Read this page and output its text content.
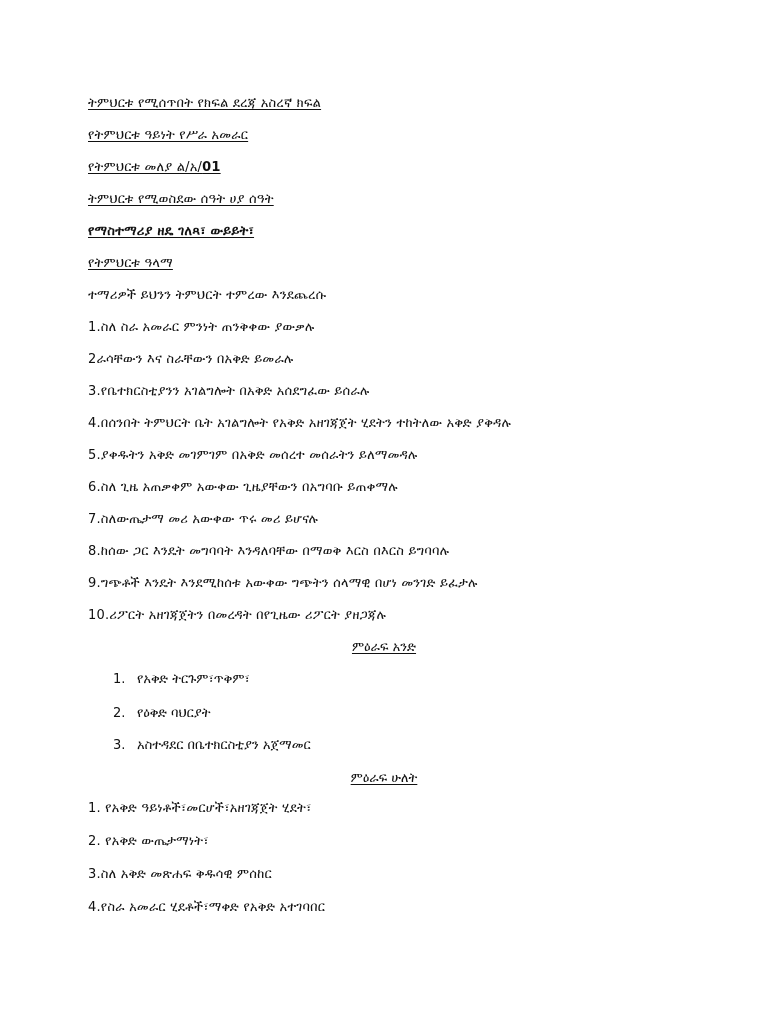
ትምህርቱ የሚሰጥበት የክፍል ደረጃ አስረኛ ክፍል
የትምህርቱ ዓይነት የሥራ አመራር
የትምህርቱ መለያ ል/አ/01
ትምህርቱ የሚወስደው ሰዓት ሀያ ሰዓት
የማስተማሪያ ዘዴ ገለጻ፣ ውይይት፣
የትምህርቱ ዓላማ
ተማሪዎች ይህንን ትምህርት ተምረው እንደጨረሱ
1.ስለ ስራ አመራር ምንነት ጠንቅቀው ያውቃሉ
2ራሳቸውን እና ስራቸውን በአቅድ ይመራሉ
3.የቤተክርስቲያንን አገልግሎት በአቅድ አሰደግፈው ይሰራሉ
4.በሰንበት ትምህርት ቤት አገልግሎት የአቅድ አዘገጃጀት ሂደትን ተከትለው አቅድ ያቅዳሉ
5.ያቀዱትን አቅድ መገምገም በአቅድ መሰረተ መሰራትን ይለማመዳሉ
6.ስለ ጊዜ አጠቃቀም አውቀው ጊዜያቸውን በአግባቡ ይጠቀማሉ
7.ስለውጤታማ መሪ አውቀው ጥሩ መሪ ይሆናሉ
8.ከሰው ጋር እንዴት መግባባት እንዳለባቸው በማወቅ እርስ በእርስ ይግባባሉ
9.ግጭቶች እንዴት እንደሚከሰቱ አውቀው ግጭትን ሰላማዊ በሆነ መንገድ ይፈታሉ
10.ሪፖርት አዘገጃጀትን በመረዳት በየጊዜው ሪፖርት ያዘጋጃሉ
ምዕራፍ አንድ
1. የአቅድ ትርጉም፣ጥቅም፣
2. የዕቅድ ባህርያት
3. አስተዳደር በቤተክርስቲያን አጀማመር
ምዕራፍ ሁለት
1. የአቅድ ዓይነቶች፣መርሆች፣አዘገጃጀት ሂደት፣
2. የአቅድ ውጤታማነት፣
3.ስለ አቅድ መጽሐፍ ቅዱሳዊ ምሰከር
4.የስራ አመራር ሂደቶች፣ማቀድ የአቅድ አተገባበር
